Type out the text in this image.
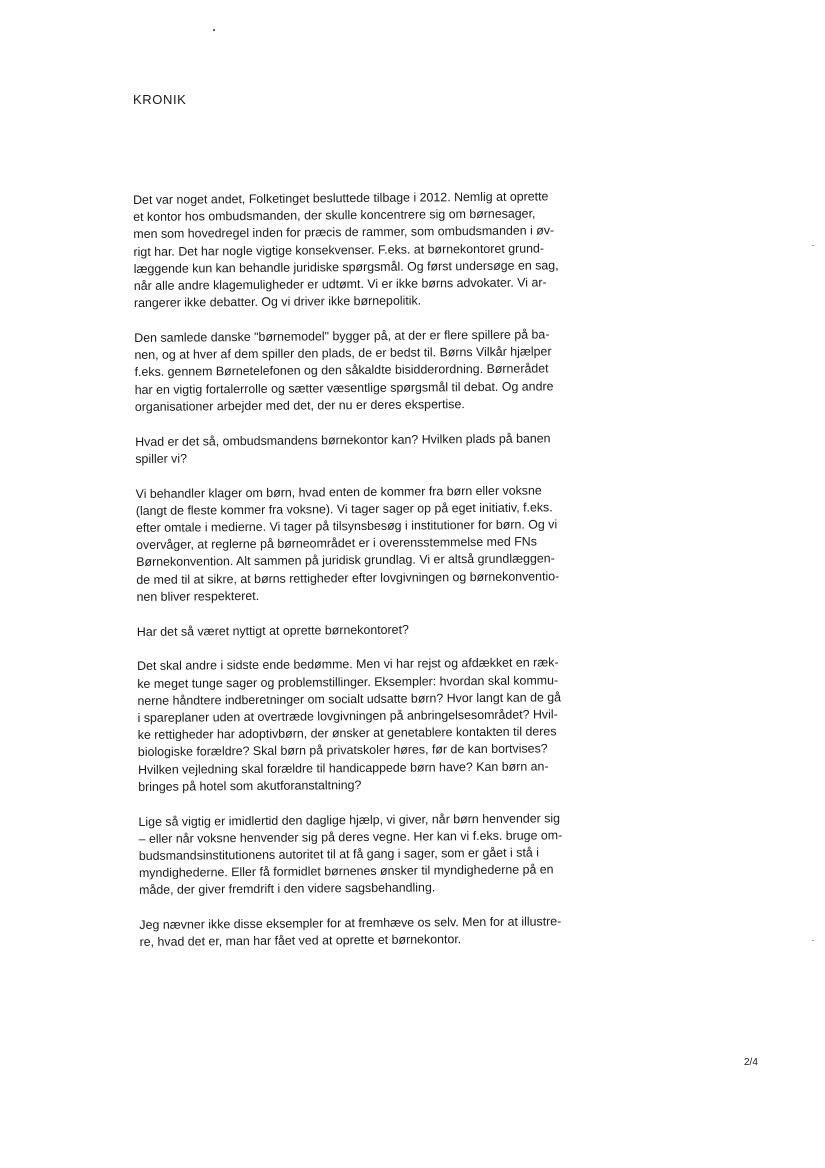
KRONIK

Det var noget andet, Folketinget besluttede tilbage i 2012. Nemlig at oprette
et kontor hos ombudsmanden, der skulle koncentrere sig om børnesager,
men som hovedregel inden for præcis de rammer, som ombudsmanden i øv-
rigt har. Det har nogle vigtige konsekvenser. F.eks. at børnekontoret grund-
læggende kun kan behandle juridiske spørgsmål. Og først undersøge en sag,
når alle andre klagemuligheder er udtømt. Vi er ikke børns advokater. Vi ar-
rangerer ikke debatter. Og vi driver ikke børnepolitik.

Den samlede danske "børnemodel" bygger på, at der er flere spillere på ba-
nen, og at hver af dem spiller den plads, de er bedst til. Børns Vilkår hjælper
f.eks. gennem Børnetelefonen og den såkaldte bisidderordning. Børnerådet
har en vigtig fortalerrolle og sætter væsentlige spørgsmål til debat. Og andre
organisationer arbejder med det, der nu er deres ekspertise.

Hvad er det så, ombudsmandens børnekontor kan? Hvilken plads på banen
spiller vi?

Vi behandler klager om børn, hvad enten de kommer fra børn eller voksne
(langt de fleste kommer fra voksne). Vi tager sager op på eget initiativ, f.eks.
efter omtale i medierne. Vi tager på tilsynsbesøg i institutioner for børn. Og vi
overvåger, at reglerne på børneområdet er i overensstemmelse med FNs
Børnekonvention. Alt sammen på juridisk grundlag. Vi er altså grundlæggen-
de med til at sikre, at børns rettigheder efter lovgivningen og børnekonventio-
nen bliver respekteret.

Har det så været nyttigt at oprette børnekontoret?

Det skal andre i sidste ende bedømme. Men vi har rejst og afdækket en ræk-
ke meget tunge sager og problemstillinger. Eksempler: hvordan skal kommu-
nerne håndtere indberetninger om socialt udsatte børn? Hvor langt kan de gå
i spareplaner uden at overtræde lovgivningen på anbringelsesområdet? Hvil-
ke rettigheder har adoptivbørn, der ønsker at genetablere kontakten til deres
biologiske forældre? Skal børn på privatskoler høres, før de kan bortvises?
Hvilken vejledning skal forældre til handicappede børn have? Kan børn an-
bringes på hotel som akutforanstaltning?

Lige så vigtig er imidlertid den daglige hjælp, vi giver, når børn henvender sig
– eller når voksne henvender sig på deres vegne. Her kan vi f.eks. bruge om-
budsmandsinstitutionens autoritet til at få gang i sager, som er gået i stå i
myndighederne. Eller få formidlet børnenes ønsker til myndighederne på en
måde, der giver fremdrift i den videre sagsbehandling.

Jeg nævner ikke disse eksempler for at fremhæve os selv. Men for at illustre-
re, hvad det er, man har fået ved at oprette et børnekontor.

2/4
